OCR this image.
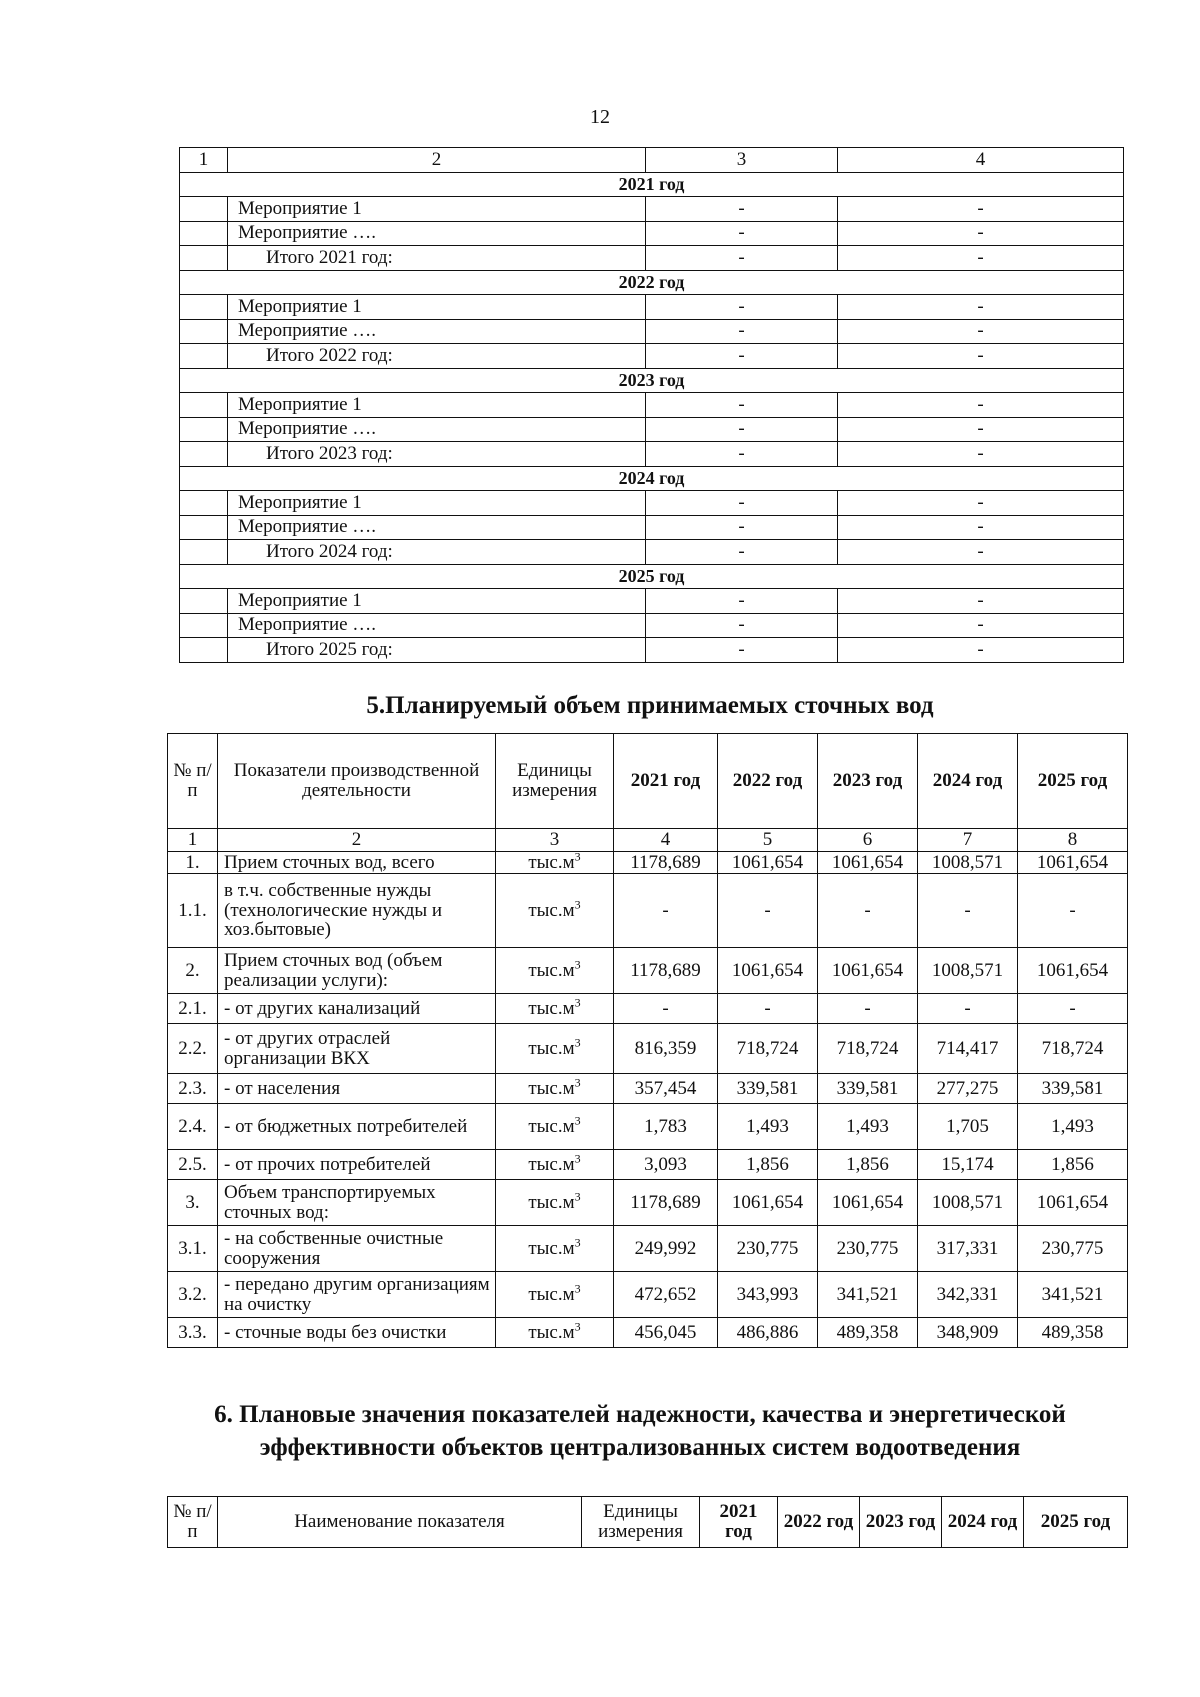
12
1	2	3	4
2021 год			
	Мероприятие 1	-	-
	Мероприятие ….	-	-
	Итого 2021 год:	-	-
2022 год			
	Мероприятие 1	-	-
	Мероприятие ….	-	-
	Итого 2022 год:	-	-
2023 год			
	Мероприятие 1	-	-
	Мероприятие ….	-	-
	Итого 2023 год:	-	-
2024 год			
	Мероприятие 1	-	-
	Мероприятие ….	-	-
	Итого 2024 год:	-	-
2025 год			
	Мероприятие 1	-	-
	Мероприятие ….	-	-
	Итого 2025 год:	-	-
5.Планируемый объем принимаемых сточных вод
№ п/п	Показатели производственной деятельности	Единицы измерения	2021 год	2022 год	2023 год	2024 год	2025 год
1	2	3	4	5	6	7	8
1.	Прием сточных вод, всего	$тыс.м^3$	1178,689	1061,654	1061,654	1008,571	1061,654
1.1.	в т.ч. собственные нужды (технологические нужды и хоз.бытовые)	$тыс.м^3$	-	-	-	-	-
2.	Прием сточных вод (объем реализации услуги):	$тыс.м^3$	1178,689	1061,654	1061,654	1008,571	1061,654
2.1.	- от других канализаций	$тыс.м^3$	-	-	-	-	-
2.2.	- от других отраслей организации ВКХ	$тыс.м^3$	816,359	718,724	718,724	714,417	718,724
2.3.	- от населения	$тыс.м^3$	357,454	339,581	339,581	277,275	339,581
2.4.	- от бюджетных потребителей	$тыс.м^3$	1,783	1,493	1,493	1,705	1,493
2.5.	- от прочих потребителей	$тыс.м^3$	3,093	1,856	1,856	15,174	1,856
3.	Объем транспортируемых сточных вод:	$тыс.м^3$	1178,689	1061,654	1061,654	1008,571	1061,654
3.1.	- на собственные очистные сооружения	$тыс.м^3$	249,992	230,775	230,775	317,331	230,775
3.2.	- передано другим организациям на очистку	$тыс.м^3$	472,652	343,993	341,521	342,331	341,521
3.3.	- сточные воды без очистки	$тыс.м^3$	456,045	486,886	489,358	348,909	489,358
6. Плановые значения показателей надежности, качества и энергетической эффективности объектов централизованных систем водоотведения
№ п/п	Наименование показателя	Единицы измерения	2021 год	2022 год	2023 год	2024 год	2025 год
